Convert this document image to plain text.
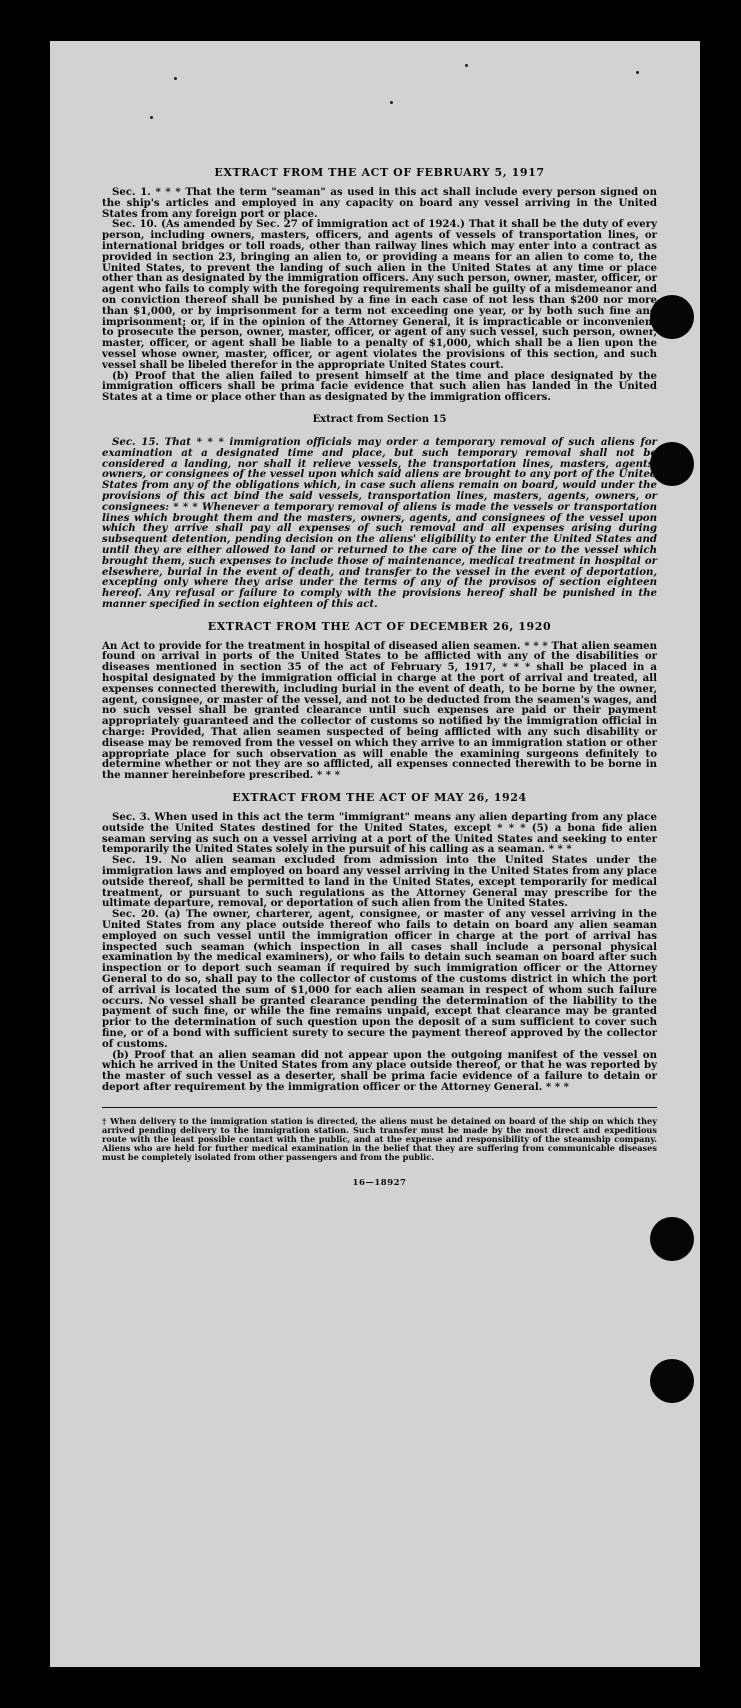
EXTRACT FROM THE ACT OF FEBRUARY 5, 1917

Sec. 1. * * * That the term "seaman" as used in this act shall include every person signed on the ship's articles and employed in any capacity on board any vessel arriving in the United States from any foreign port or place.

Sec. 10. (As amended by Sec. 27 of immigration act of 1924.) That it shall be the duty of every person, including owners, masters, officers, and agents of vessels of transportation lines, or international bridges or toll roads, other than railway lines which may enter into a contract as provided in section 23, bringing an alien to, or providing a means for an alien to come to, the United States, to prevent the landing of such alien in the United States at any time or place other than as designated by the immigration officers. Any such person, owner, master, officer, or agent who fails to comply with the foregoing requirements shall be guilty of a misdemeanor and on conviction thereof shall be punished by a fine in each case of not less than $200 nor more than $1,000, or by imprisonment for a term not exceeding one year, or by both such fine and imprisonment; or, if in the opinion of the Attorney General, it is impracticable or inconvenient to prosecute the person, owner, master, officer, or agent of any such vessel, such person, owner, master, officer, or agent shall be liable to a penalty of $1,000, which shall be a lien upon the vessel whose owner, master, officer, or agent violates the provisions of this section, and such vessel shall be libeled therefor in the appropriate United States court.

(b) Proof that the alien failed to present himself at the time and place designated by the immigration officers shall be prima facie evidence that such alien has landed in the United States at a time or place other than as designated by the immigration officers.

Extract from Section 15

Sec. 15. That * * * immigration officials may order a temporary removal of such aliens for examination at a designated time and place, but such temporary removal shall not be considered a landing, nor shall it relieve vessels, the transportation lines, masters, agents, owners, or consignees of the vessel upon which said aliens are brought to any port of the United States from any of the obligations which, in case such aliens remain on board, would under the provisions of this act bind the said vessels, transportation lines, masters, agents, owners, or consignees: * * * Whenever a temporary removal of aliens is made the vessels or transportation lines which brought them and the masters, owners, agents, and consignees of the vessel upon which they arrive shall pay all expenses of such removal and all expenses arising during subsequent detention, pending decision on the aliens' eligibility to enter the United States and until they are either allowed to land or returned to the care of the line or to the vessel which brought them, such expenses to include those of maintenance, medical treatment in hospital or elsewhere, burial in the event of death, and transfer to the vessel in the event of deportation, excepting only where they arise under the terms of any of the provisos of section eighteen hereof. Any refusal or failure to comply with the provisions hereof shall be punished in the manner specified in section eighteen of this act.

EXTRACT FROM THE ACT OF DECEMBER 26, 1920

An Act to provide for the treatment in hospital of diseased alien seamen. * * * That alien seamen found on arrival in ports of the United States to be afflicted with any of the disabilities or diseases mentioned in section 35 of the act of February 5, 1917, * * * shall be placed in a hospital designated by the immigration official in charge at the port of arrival and treated, all expenses connected therewith, including burial in the event of death, to be borne by the owner, agent, consignee, or master of the vessel, and not to be deducted from the seamen's wages, and no such vessel shall be granted clearance until such expenses are paid or their payment appropriately guaranteed and the collector of customs so notified by the immigration official in charge: Provided, That alien seamen suspected of being afflicted with any such disability or disease may be removed from the vessel on which they arrive to an immigration station or other appropriate place for such observation as will enable the examining surgeons definitely to determine whether or not they are so afflicted, all expenses connected therewith to be borne in the manner hereinbefore prescribed. * * *

EXTRACT FROM THE ACT OF MAY 26, 1924

Sec. 3. When used in this act the term "immigrant" means any alien departing from any place outside the United States destined for the United States, except * * * (5) a bona fide alien seaman serving as such on a vessel arriving at a port of the United States and seeking to enter temporarily the United States solely in the pursuit of his calling as a seaman. * * *

Sec. 19. No alien seaman excluded from admission into the United States under the immigration laws and employed on board any vessel arriving in the United States from any place outside thereof, shall be permitted to land in the United States, except temporarily for medical treatment, or pursuant to such regulations as the Attorney General may prescribe for the ultimate departure, removal, or deportation of such alien from the United States.

Sec. 20. (a) The owner, charterer, agent, consignee, or master of any vessel arriving in the United States from any place outside thereof who fails to detain on board any alien seaman employed on such vessel until the immigration officer in charge at the port of arrival has inspected such seaman (which inspection in all cases shall include a personal physical examination by the medical examiners), or who fails to detain such seaman on board after such inspection or to deport such seaman if required by such immigration officer or the Attorney General to do so, shall pay to the collector of customs of the customs district in which the port of arrival is located the sum of $1,000 for each alien seaman in respect of whom such failure occurs. No vessel shall be granted clearance pending the determination of the liability to the payment of such fine, or while the fine remains unpaid, except that clearance may be granted prior to the determination of such question upon the deposit of a sum sufficient to cover such fine, or of a bond with sufficient surety to secure the payment thereof approved by the collector of customs.

(b) Proof that an alien seaman did not appear upon the outgoing manifest of the vessel on which he arrived in the United States from any place outside thereof, or that he was reported by the master of such vessel as a deserter, shall be prima facie evidence of a failure to detain or deport after requirement by the immigration officer or the Attorney General. * * *

† When delivery to the immigration station is directed, the aliens must be detained on board of the ship on which they arrived pending delivery to the immigration station. Such transfer must be made by the most direct and expeditious route with the least possible contact with the public, and at the expense and responsibility of the steamship company. Aliens who are held for further medical examination in the belief that they are suffering from communicable diseases must be completely isolated from other passengers and from the public.

16—18927
